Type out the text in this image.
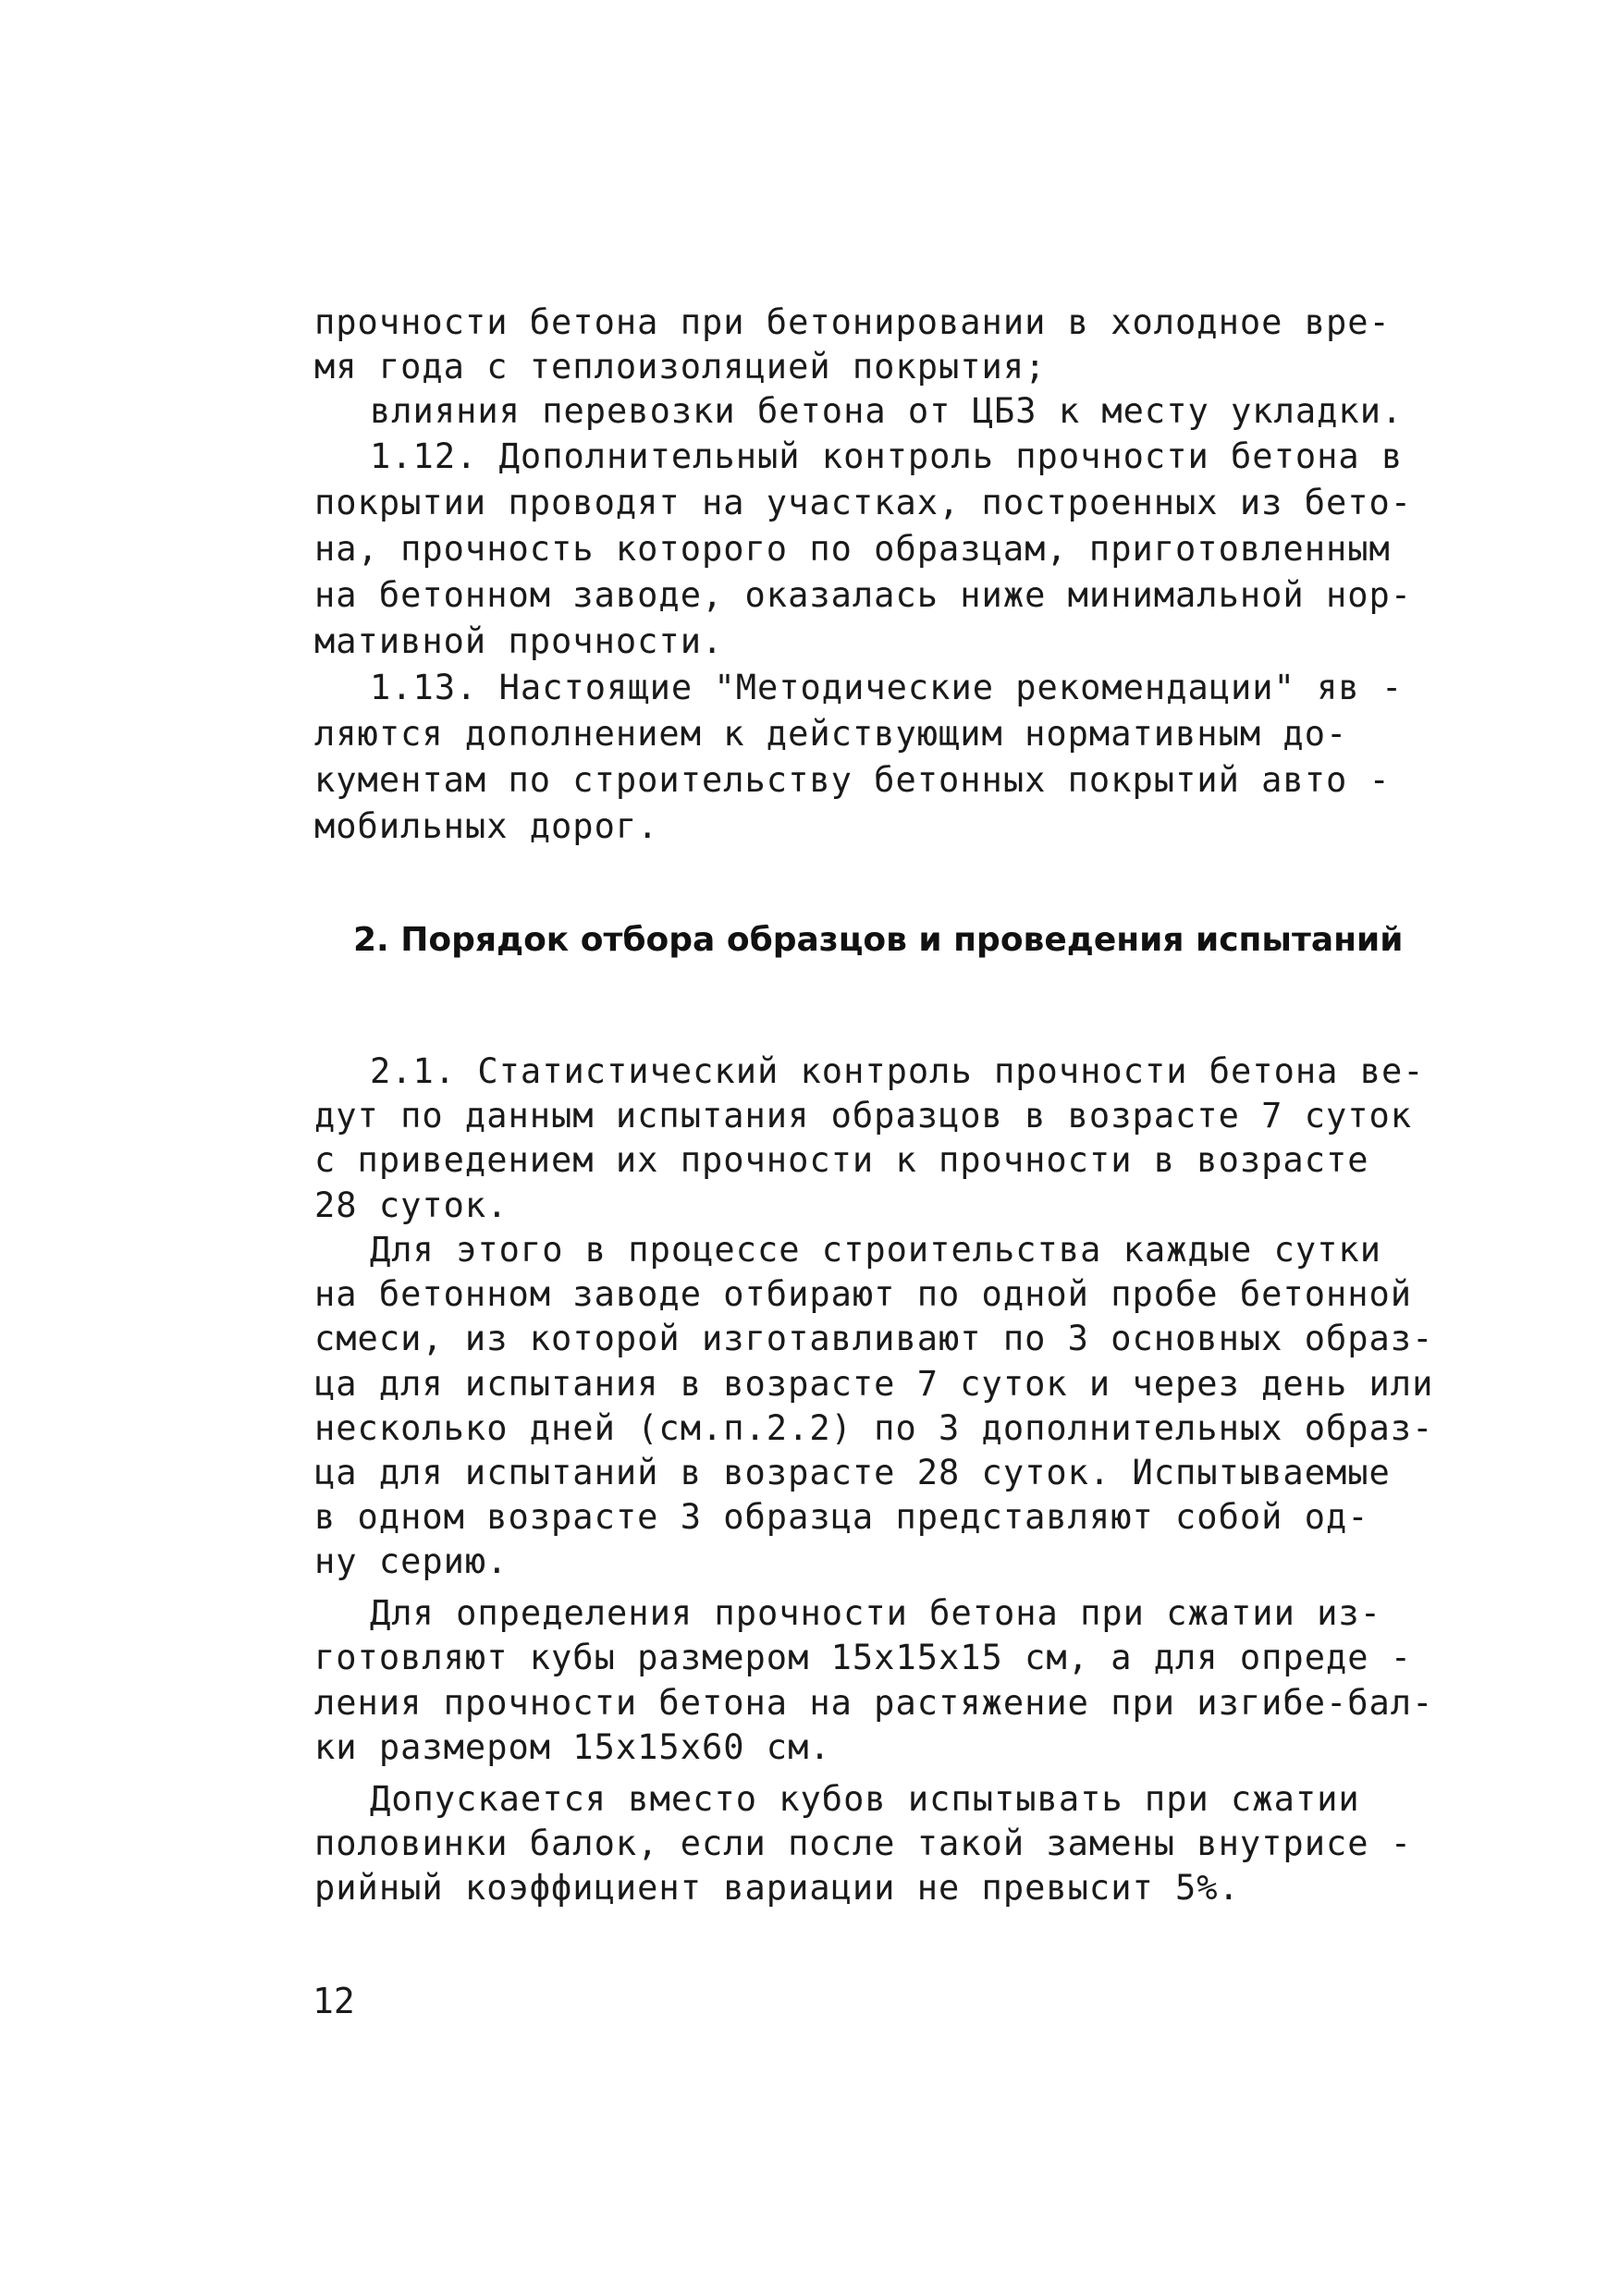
прочности бетона при бетонировании в холодное вре-
мя года с теплоизоляцией покрытия;
влияния перевозки бетона от ЦБЗ к месту укладки.
1.12. Дополнительный контроль прочности бетона в
покрытии проводят на участках, построенных из бето-
на, прочность которого по образцам, приготовленным
на бетонном заводе, оказалась ниже минимальной нор-
мативной прочности.
1.13. Настоящие "Методические рекомендации" яв -
ляются дополнением к действующим нормативным до-
кументам по строительству бетонных покрытий авто -
мобильных дорог.
2. Порядок отбора образцов и проведения испытаний
2.1. Статистический контроль прочности бетона ве-
дут по данным испытания образцов в возрасте 7 суток
с приведением их прочности к прочности в возрасте
28 суток.
Для этого в процессе строительства каждые сутки
на бетонном заводе отбирают по одной пробе бетонной
смеси, из которой изготавливают по 3 основных образ-
ца для испытания в возрасте 7 суток и через день или
несколько дней (см.п.2.2) по 3 дополнительных образ-
ца для испытаний в возрасте 28 суток. Испытываемые
в одном возрасте 3 образца представляют собой од-
ну серию.
Для определения прочности бетона при сжатии из-
готовляют кубы размером 15х15х15 см, а для опреде -
ления прочности бетона на растяжение при изгибе-бал-
ки размером 15х15х60 см.
Допускается вместо кубов испытывать при сжатии
половинки балок, если после такой замены внутрисе -
рийный коэффициент вариации не превысит 5%.
12
